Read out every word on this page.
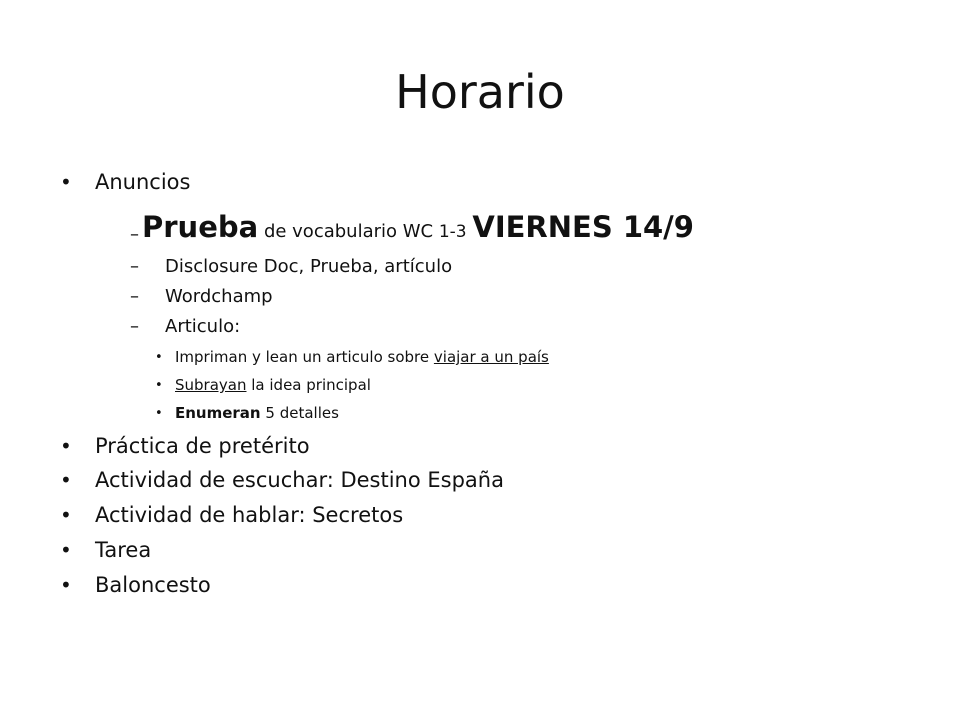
Horario
• Anuncios
– Prueba de vocabulario WC 1-3 VIERNES 14/9
– Disclosure Doc, Prueba, artículo
– Wordchamp
– Articulo:
• Impriman y lean un articulo sobre viajar a un país
• Subrayan la idea principal
• Enumeran 5 detalles
• Práctica de pretérito
• Actividad de escuchar: Destino España
• Actividad de hablar: Secretos
• Tarea
• Baloncesto
